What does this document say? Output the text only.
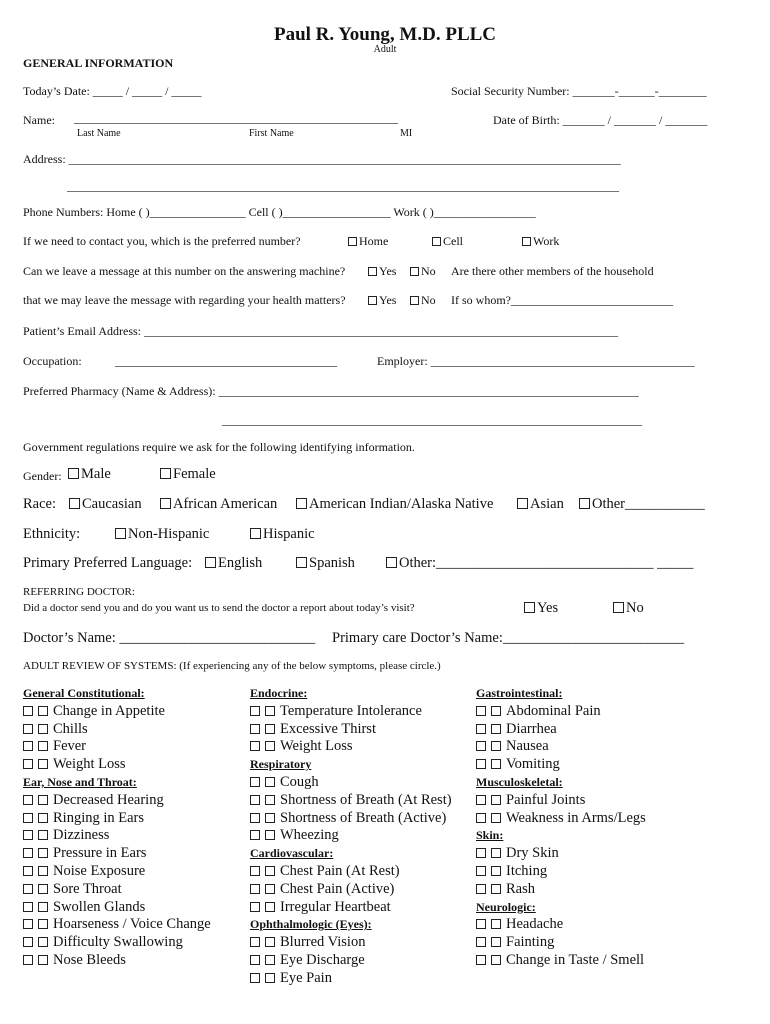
Paul R. Young, M.D. PLLC
Adult
GENERAL INFORMATION
Today’s Date: _____ / _____ / _____	Social Security Number: _______-______-________
Name: ______________________________________________________	Date of Birth: _______ / _______ / _______
Last Name	First Name	MI
Address: ____________________________________________________________________________________________
____________________________________________________________________________________________
Phone Numbers: Home ( )________________ Cell ( )__________________ Work ( )_________________
If we need to contact you, which is the preferred number?	Home	Cell	Work
Can we leave a message at this number on the answering machine?	Yes	No Are there other members of the household
that we may leave the message with regarding your health matters?	Yes	No If so whom?___________________________
Patient’s Email Address: _______________________________________________________________________________
Occupation:	_____________________________________	Employer: ____________________________________________
Preferred Pharmacy (Name & Address): ______________________________________________________________________
______________________________________________________________________
Government regulations require we ask for the following identifying information.
Gender:	Male	Female
Race:	Caucasian	African American	American Indian/Alaska Native	Asian	Other___________
Ethnicity:	Non-Hispanic	Hispanic
Primary Preferred Language:	English	Spanish	Other:______________________________ _____
REFERRING DOCTOR:
Did a doctor send you and do you want us to send the doctor a report about today’s visit?	Yes	No
Doctor’s Name: ___________________________ Primary care Doctor’s Name:_________________________
ADULT REVIEW OF SYSTEMS: (If experiencing any of the below symptoms, please circle.)
General Constitutional:
Change in Appetite
Chills
Fever
Weight Loss
Ear, Nose and Throat:
Decreased Hearing
Ringing in Ears
Dizziness
Pressure in Ears
Noise Exposure
Sore Throat
Swollen Glands
Hoarseness / Voice Change
Difficulty Swallowing
Nose Bleeds
Endocrine:
Temperature Intolerance
Excessive Thirst
Weight Loss
Respiratory
Cough
Shortness of Breath (At Rest)
Shortness of Breath (Active)
Wheezing
Cardiovascular:
Chest Pain (At Rest)
Chest Pain (Active)
Irregular Heartbeat
Ophthalmologic (Eyes):
Blurred Vision
Eye Discharge
Eye Pain
Gastrointestinal:
Abdominal Pain
Diarrhea
Nausea
Vomiting
Musculoskeletal:
Painful Joints
Weakness in Arms/Legs
Skin:
Dry Skin
Itching
Rash
Neurologic:
Headache
Fainting
Change in Taste / Smell
